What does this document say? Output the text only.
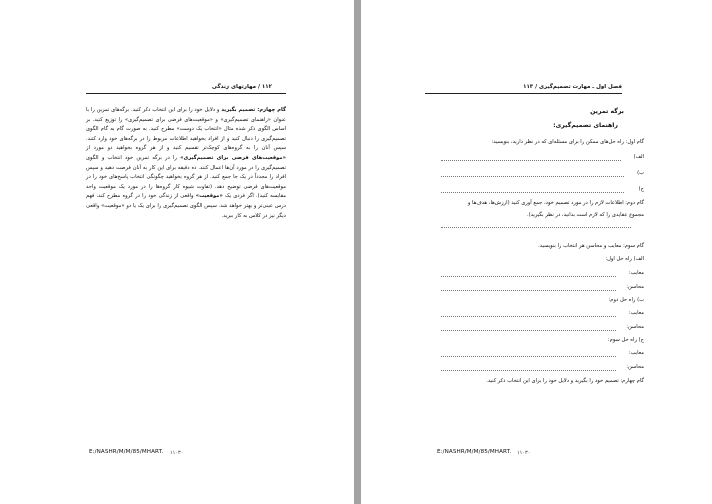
۱۱۲ / مهارتهای زندگی
گام چهارم: تصمیم بگیرید و دلایل خود را برای این انتخاب ذکر کنید. برگه‌های تمرین را با عنوان «راهنمای تصمیم‌گیری» و «موقعیت‌های فرضی برای تصمیم‌گیری» را توزیع کنید. بر اساس الگوی ذکر شده مثال «انتخاب یک دوست» مطرح کنید. به صورت گام به گام الگوی تصمیم‌گیری را دنبال کنید و از افراد بخواهید اطلاعات مربوط را در برگه‌های خود وارد کنند. سپس آنان را به گروه‌های کوچک‌تر تقسیم کنید و از هر گروه بخواهید دو مورد از «موقعیت‌های فرضی برای تصمیم‌گیری» را در برگه تمرین خود انتخاب و الگوی تصمیم‌گیری را در مورد آن‌ها اعمال کنند. ده دقیقه برای این کار به آنان فرصت دهید و سپس افراد را مجدداً در یک جا جمع کنید. از هر گروه بخواهید چگونگی انتخاب پاسخ‌های خود را در موقعیت‌های فرضی توضیح دهد. (تفاوت شیوه کار گروه‌ها را در مورد یک موقعیت واحد مقایسه کنید). اگر فردی یک «موقعیت» واقعی از زندگی خود را در گروه مطرح کند، فهم درس عینی‌تر و بهتر خواهد شد. سپس الگوی تصمیم‌گیری را برای یک یا دو «موقعیت» واقعی دیگر نیز در کلاس به کار ببرید.
E:/NASHR/M/M/85/MHART. ۱۱۰۳۰
فصل اول ـ مهارت تصمیم‌گیری / ۱۱۳
برگه تمرین
راهنمای تصمیم‌گیری:
گام اول: راه حل‌های ممکن را برای مسئله‌ای که در نظر دارید، بنویسید:
الف)
ب)
ج)
گام دوم: اطلاعات لازم را در مورد تصمیم خود، جمع آوری کنید (ارزش‌ها، هدف‌ها و
مجموع عقایدی را که لازم است بدانید، در نظر بگیرید).
گام سوم: معایب و محاسن هر انتخاب را بنویسید.
الف) راه حل اول:
معایب:
محاسن:
ب) راه حل دوم:
معایب:
محاسن:
ج) راه حل سوم:
معایب:
محاسن:
گام چهارم: تصمیم خود را بگیرید و دلایل خود را برای این انتخاب ذکر کنید.
E:/NASHR/M/M/85/MHART. ۱۱۰۳۰
